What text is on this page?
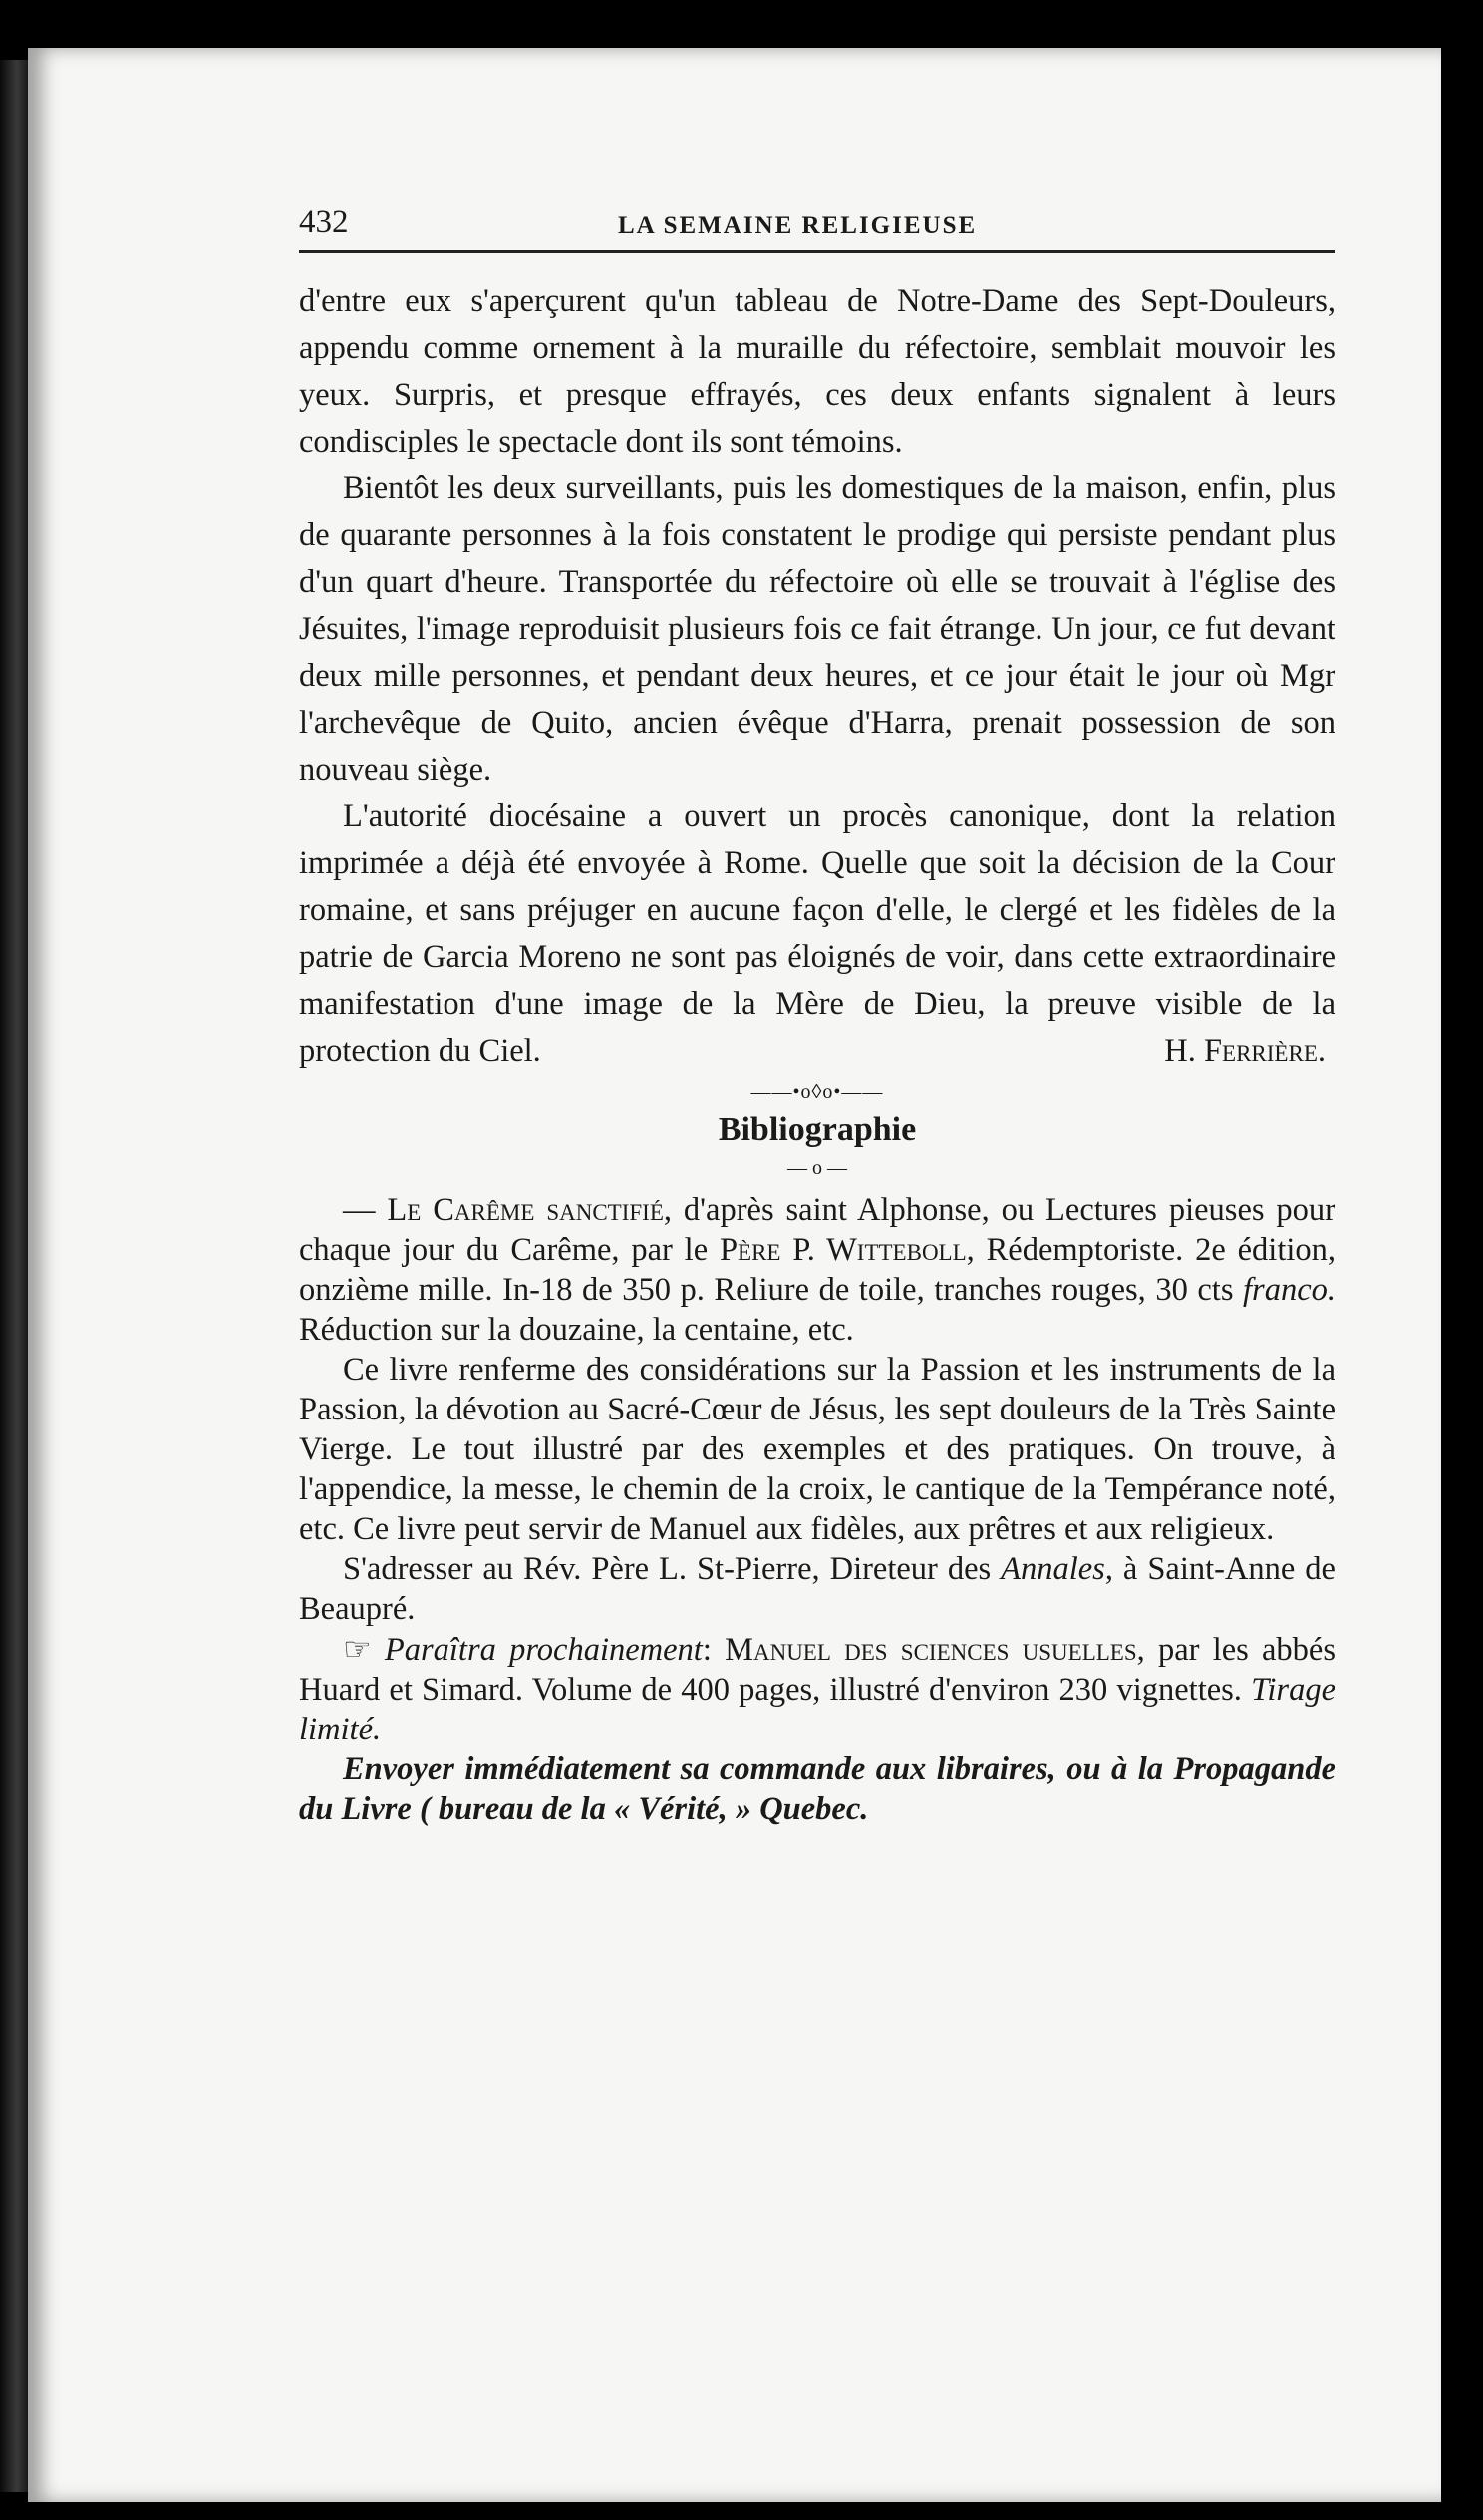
432	LA SEMAINE RELIGIEUSE

d'entre eux s'aperçurent qu'un tableau de Notre-Dame des Sept-Douleurs, appendu comme ornement à la muraille du réfectoire, semblait mouvoir les yeux. Surpris, et presque effrayés, ces deux enfants signalent à leurs condisciples le spectacle dont ils sont témoins.

Bientôt les deux surveillants, puis les domestiques de la maison, enfin, plus de quarante personnes à la fois constatent le prodige qui persiste pendant plus d'un quart d'heure. Transportée du réfectoire où elle se trouvait à l'église des Jésuites, l'image reproduisit plusieurs fois ce fait étrange. Un jour, ce fut devant deux mille personnes, et pendant deux heures, et ce jour était le jour où Mgr l'archevêque de Quito, ancien évêque d'Harra, prenait possession de son nouveau siège.

L'autorité diocésaine a ouvert un procès canonique, dont la relation imprimée a déjà été envoyée à Rome. Quelle que soit la décision de la Cour romaine, et sans préjuger en aucune façon d'elle, le clergé et les fidèles de la patrie de Garcia Moreno ne sont pas éloignés de voir, dans cette extraordinaire manifestation d'une image de la Mère de Dieu, la preuve visible de la protection du Ciel.	H. Ferrière.

——•o◊o•——
Bibliographie
— o —

— Le Carême sanctifié, d'après saint Alphonse, ou Lectures pieuses pour chaque jour du Carême, par le Père P. Witteboll, Rédemptoriste. 2e édition, onzième mille. In-18 de 350 p. Reliure de toile, tranches rouges, 30 cts franco. Réduction sur la douzaine, la centaine, etc.

Ce livre renferme des considérations sur la Passion et les instruments de la Passion, la dévotion au Sacré-Cœur de Jésus, les sept douleurs de la Très Sainte Vierge. Le tout illustré par des exemples et des pratiques. On trouve, à l'appendice, la messe, le chemin de la croix, le cantique de la Tempérance noté, etc. Ce livre peut servir de Manuel aux fidèles, aux prêtres et aux religieux.

S'adresser au Rév. Père L. St-Pierre, Direteur des Annales, à Saint-Anne de Beaupré.

☞ Paraîtra prochainement: Manuel des sciences usuelles, par les abbés Huard et Simard. Volume de 400 pages, illustré d'environ 230 vignettes. Tirage limité.

Envoyer immédiatement sa commande aux libraires, ou à la Propagande du Livre ( bureau de la « Vérité, » Quebec.
